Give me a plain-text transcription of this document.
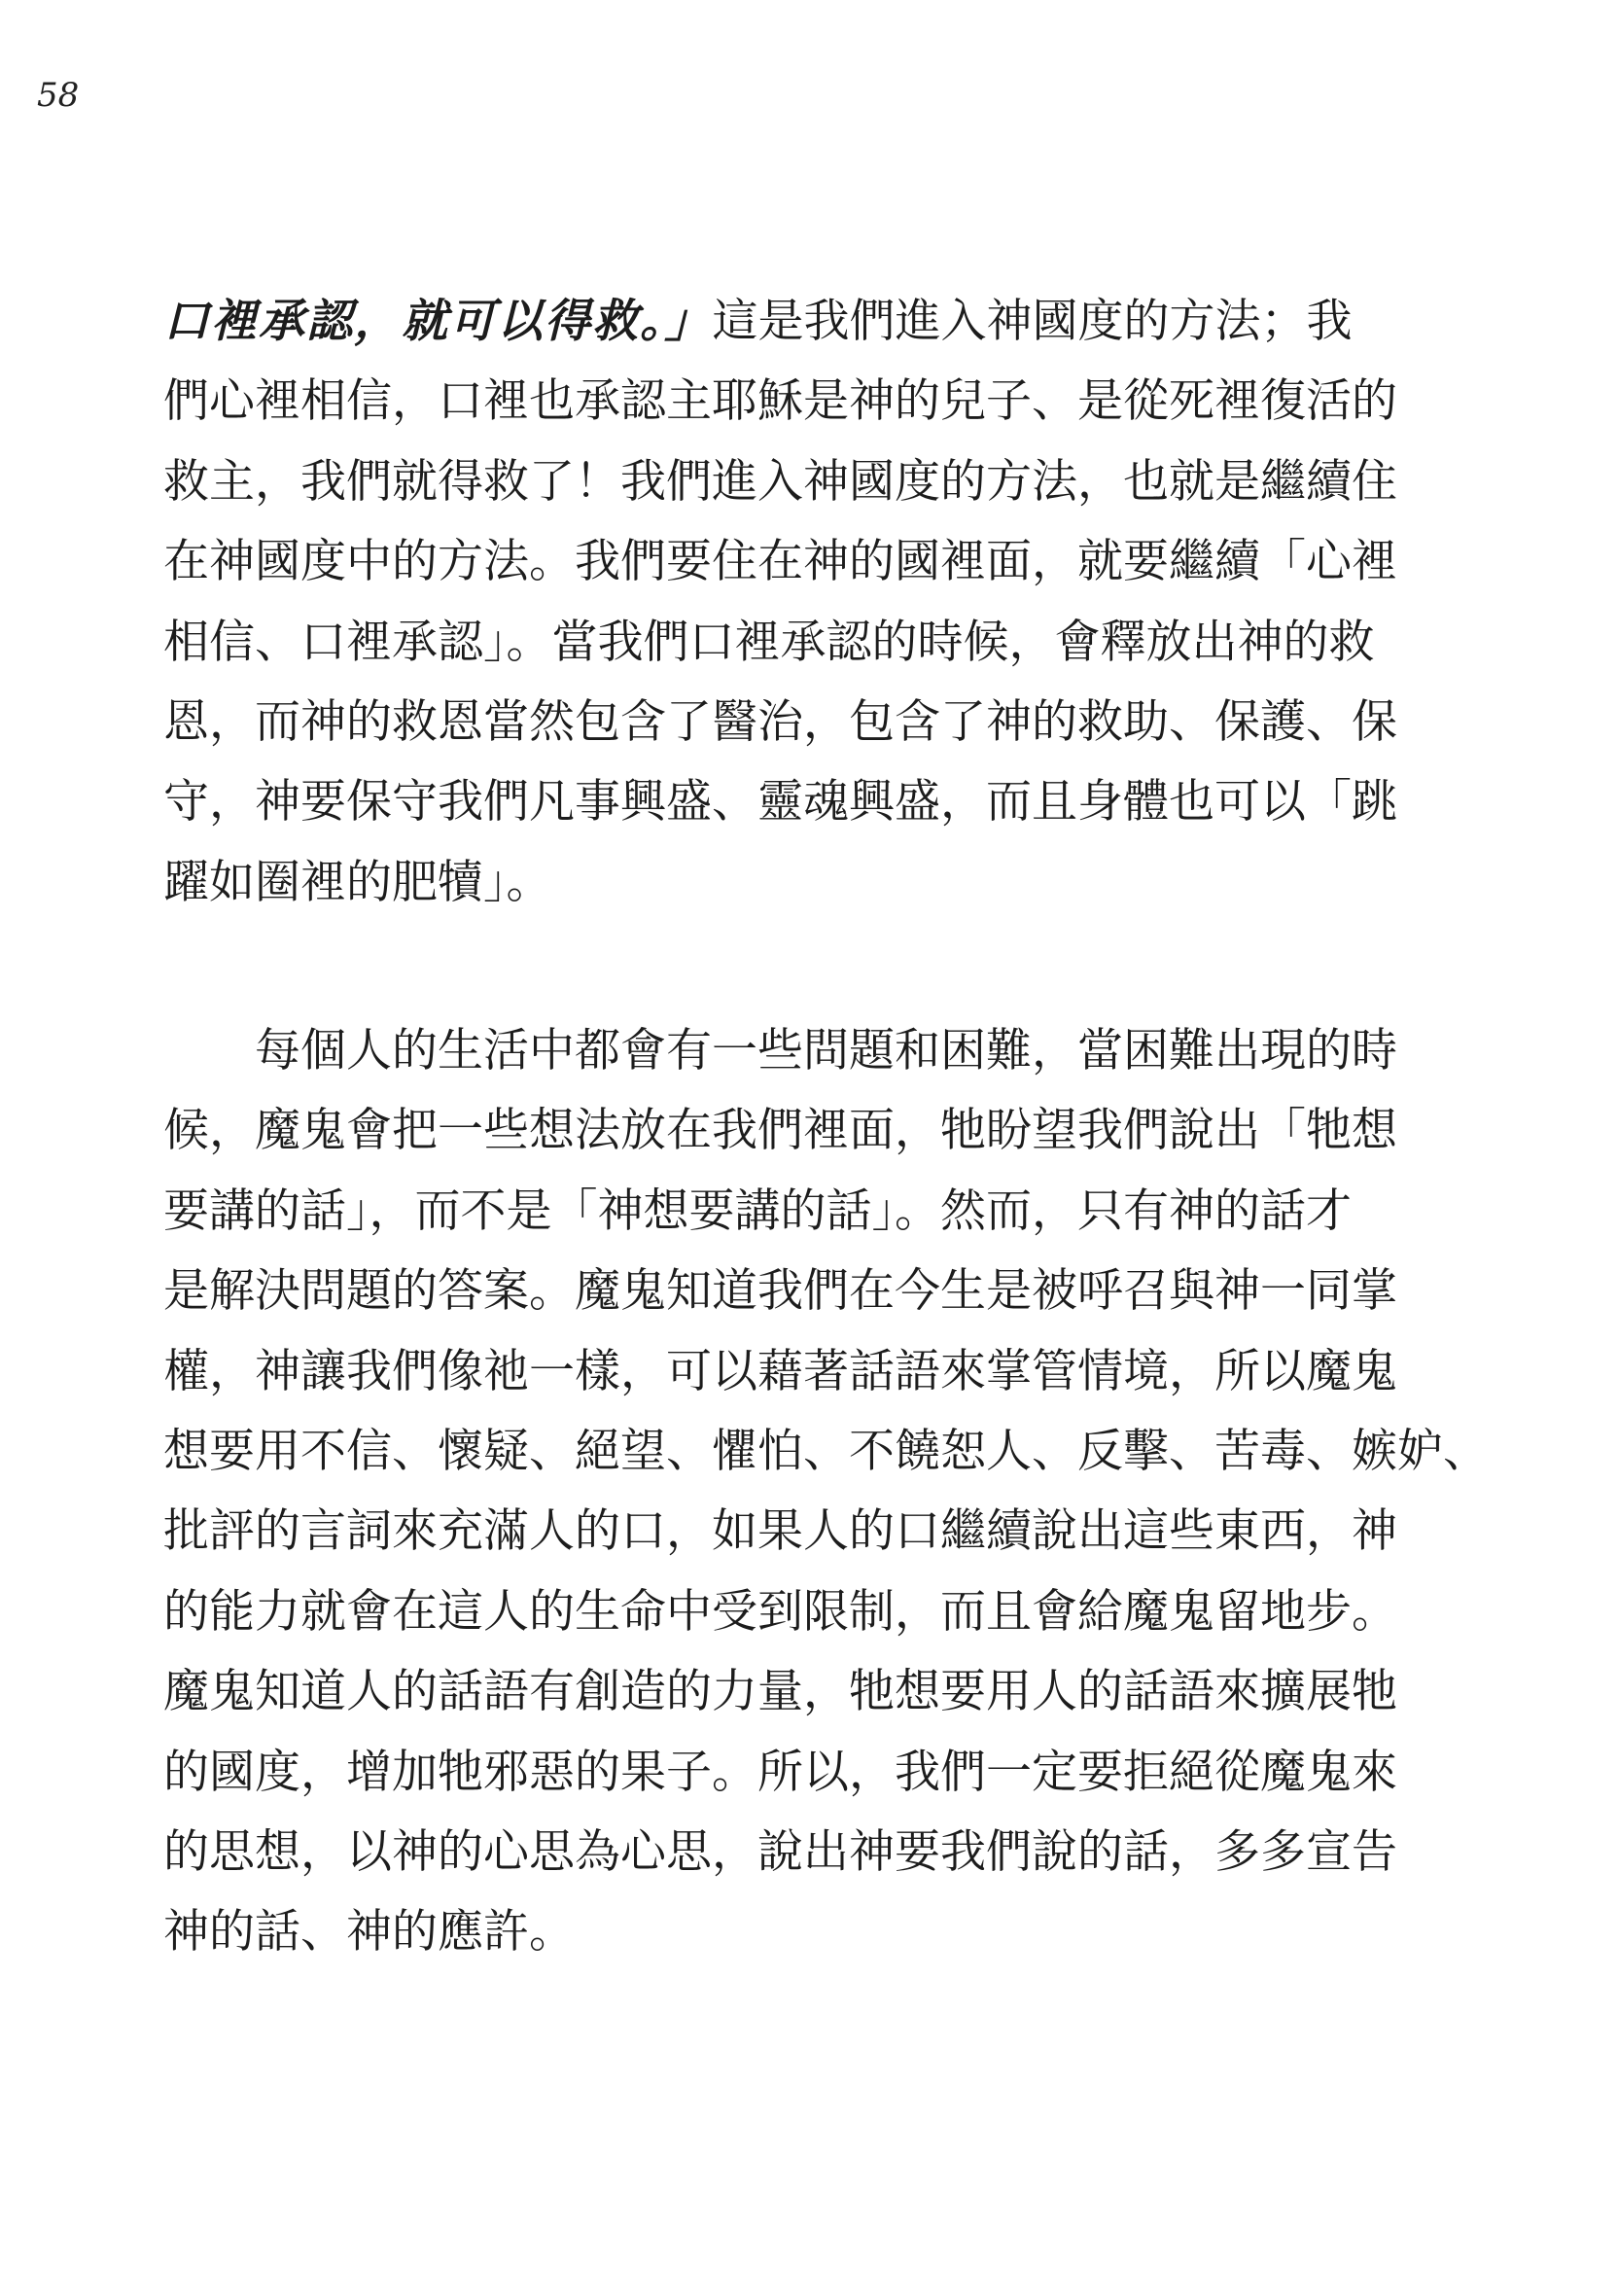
58
口裡承認，就可以得救。」這是我們進入神國度的方法；我
們心裡相信，口裡也承認主耶穌是神的兒子、是從死裡復活的
救主，我們就得救了！我們進入神國度的方法，也就是繼續住
在神國度中的方法。我們要住在神的國裡面，就要繼續「心裡
相信、口裡承認」。當我們口裡承認的時候，會釋放出神的救
恩，而神的救恩當然包含了醫治，包含了神的救助、保護、保
守，神要保守我們凡事興盛、靈魂興盛，而且身體也可以「跳
躍如圈裡的肥犢」。
每個人的生活中都會有一些問題和困難，當困難出現的時
候，魔鬼會把一些想法放在我們裡面，牠盼望我們說出「牠想
要講的話」，而不是「神想要講的話」。然而，只有神的話才
是解決問題的答案。魔鬼知道我們在今生是被呼召與神一同掌
權，神讓我們像祂一樣，可以藉著話語來掌管情境，所以魔鬼
想要用不信、懷疑、絕望、懼怕、不饒恕人、反擊、苦毒、嫉妒、
批評的言詞來充滿人的口，如果人的口繼續說出這些東西，神
的能力就會在這人的生命中受到限制，而且會給魔鬼留地步。
魔鬼知道人的話語有創造的力量，牠想要用人的話語來擴展牠
的國度，增加牠邪惡的果子。所以，我們一定要拒絕從魔鬼來
的思想，以神的心思為心思，說出神要我們說的話，多多宣告
神的話、神的應許。
